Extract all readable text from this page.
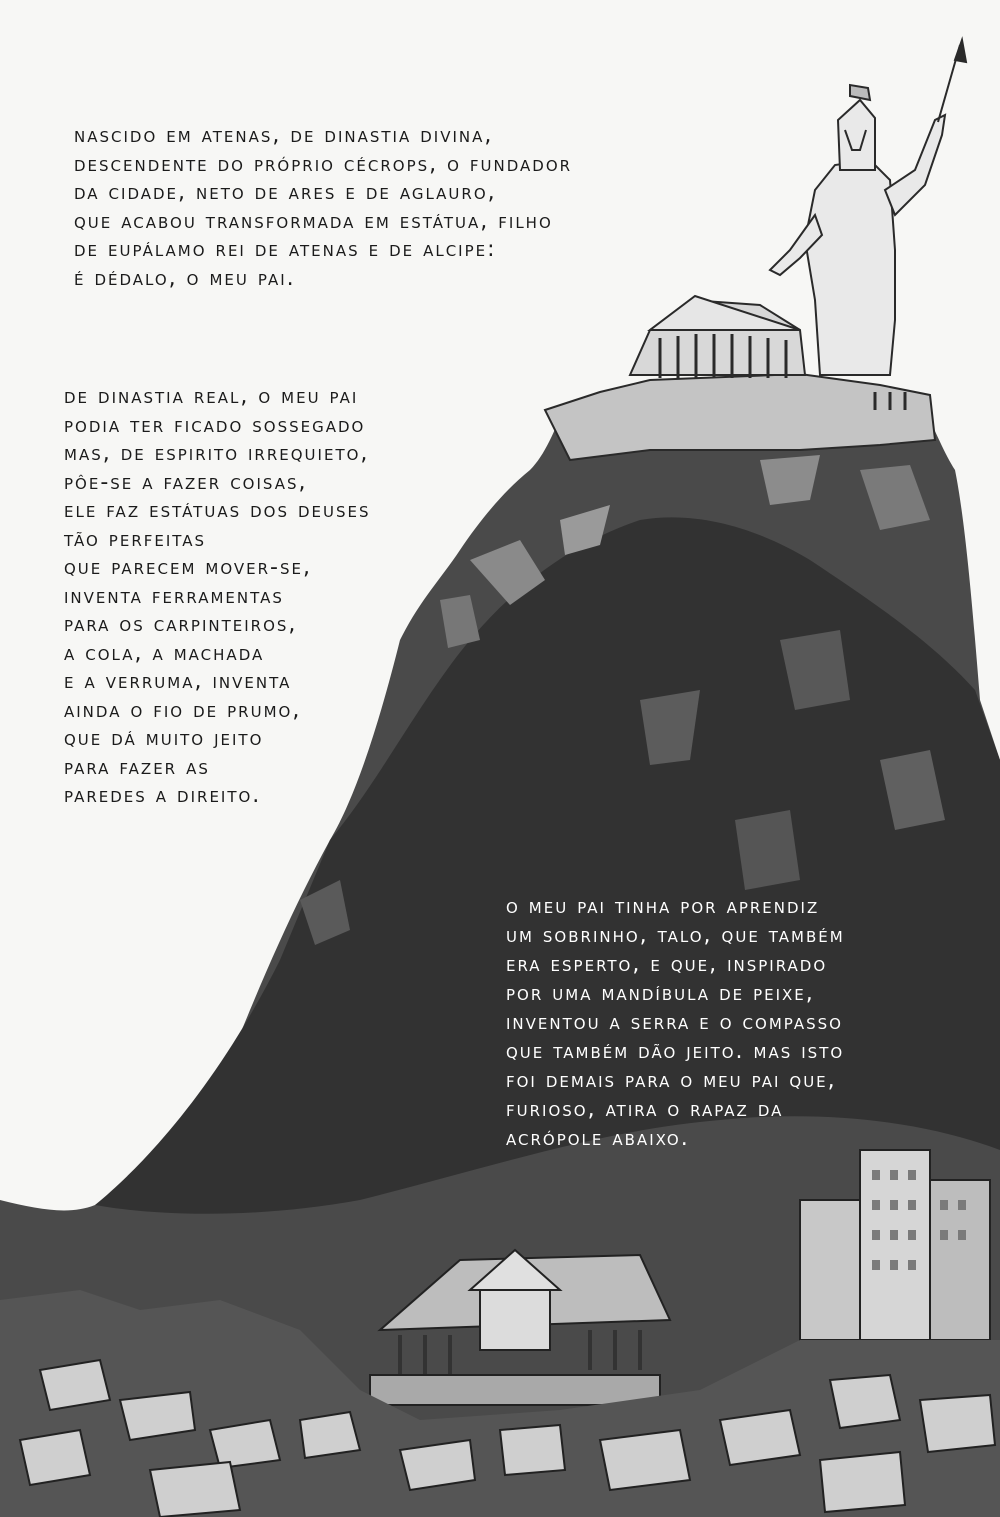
nascido em atenas, de dinastia divina,
descendente do próprio cécrops, o fundador
da cidade, neto de ares e de aglauro,
que acabou transformada em estátua, filho
de eupálamo rei de atenas e de alcipe:
é dédalo, o meu pai.
de dinastia real, o meu pai
podia ter ficado sossegado
mas, de espirito irrequieto,
pôe-se a fazer coisas,
ele faz estátuas dos deuses
tão perfeitas
que parecem mover-se,
inventa ferramentas
para os carpinteiros,
a cola, a machada
e a verruma, inventa
ainda o fio de prumo,
que dá muito jeito
para fazer as
paredes a direito.
o meu pai tinha por aprendiz
um sobrinho, talo, que também
era esperto, e que, inspirado
por uma mandíbula de peixe,
inventou a serra e o compasso
que também dão jeito. mas isto
foi demais para o meu pai que,
furioso, atira o rapaz da
acrópole abaixo.
